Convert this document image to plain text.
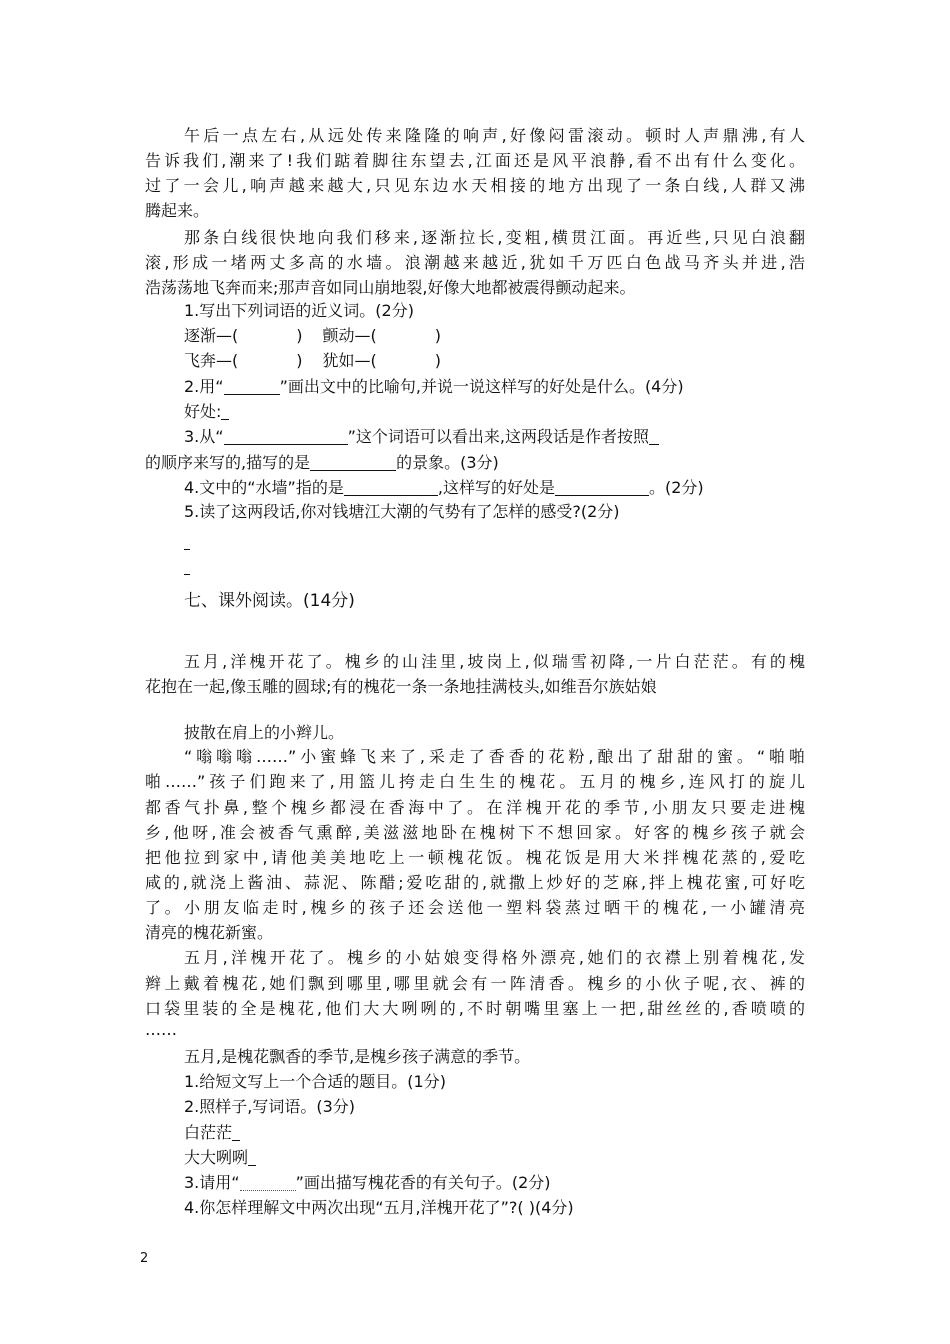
午后一点左右,从远处传来隆隆的响声,好像闷雷滚动。顿时人声鼎沸,有人
告诉我们,潮来了!我们踮着脚往东望去,江面还是风平浪静,看不出有什么变化。
过了一会儿,响声越来越大,只见东边水天相接的地方出现了一条白线,人群又沸
腾起来。
那条白线很快地向我们移来,逐渐拉长,变粗,横贯江面。再近些,只见白浪翻
滚,形成一堵两丈多高的水墙。浪潮越来越近,犹如千万匹白色战马齐头并进,浩
浩荡荡地飞奔而来;那声音如同山崩地裂,好像大地都被震得颤动起来。
1.写出下列词语的近义词。(2分)
逐渐—(	) 颤动—(	)
飞奔—(	) 犹如—(	)
2.用“	”画出文中的比喻句,并说一说这样写的好处是什么。(4分)
好处:
3.从“	”这个词语可以看出来,这两段话是作者按照
的顺序来写的,描写的是	的景象。(3分)
4.文中的“水墙”指的是	,这样写的好处是	。(2分)
5.读了这两段话,你对钱塘江大潮的气势有了怎样的感受?(2分)
七、课外阅读。(14分)
五月,洋槐开花了。槐乡的山洼里,坡岗上,似瑞雪初降,一片白茫茫。有的槐
花抱在一起,像玉雕的圆球;有的槐花一条一条地挂满枝头,如维吾尔族姑娘
披散在肩上的小辫儿。
“嗡嗡嗡……”小蜜蜂飞来了,采走了香香的花粉,酿出了甜甜的蜜。“啪啪
啪……”孩子们跑来了,用篮儿挎走白生生的槐花。五月的槐乡,连风打的旋儿
都香气扑鼻,整个槐乡都浸在香海中了。在洋槐开花的季节,小朋友只要走进槐
乡,他呀,准会被香气熏醉,美滋滋地卧在槐树下不想回家。好客的槐乡孩子就会
把他拉到家中,请他美美地吃上一顿槐花饭。槐花饭是用大米拌槐花蒸的,爱吃
咸的,就浇上酱油、蒜泥、陈醋;爱吃甜的,就撒上炒好的芝麻,拌上槐花蜜,可好吃
了。小朋友临走时,槐乡的孩子还会送他一塑料袋蒸过晒干的槐花,一小罐清亮
清亮的槐花新蜜。
五月,洋槐开花了。槐乡的小姑娘变得格外漂亮,她们的衣襟上别着槐花,发
辫上戴着槐花,她们飘到哪里,哪里就会有一阵清香。槐乡的小伙子呢,衣、裤的
口袋里装的全是槐花,他们大大咧咧的,不时朝嘴里塞上一把,甜丝丝的,香喷喷的
……
五月,是槐花飘香的季节,是槐乡孩子满意的季节。
1.给短文写上一个合适的题目。(1分)
2.照样子,写词语。(3分)
白茫茫
大大咧咧
3.请用“	”画出描写槐花香的有关句子。(2分)
4.你怎样理解文中两次出现“五月,洋槐开花了”?( )(4分)
2
